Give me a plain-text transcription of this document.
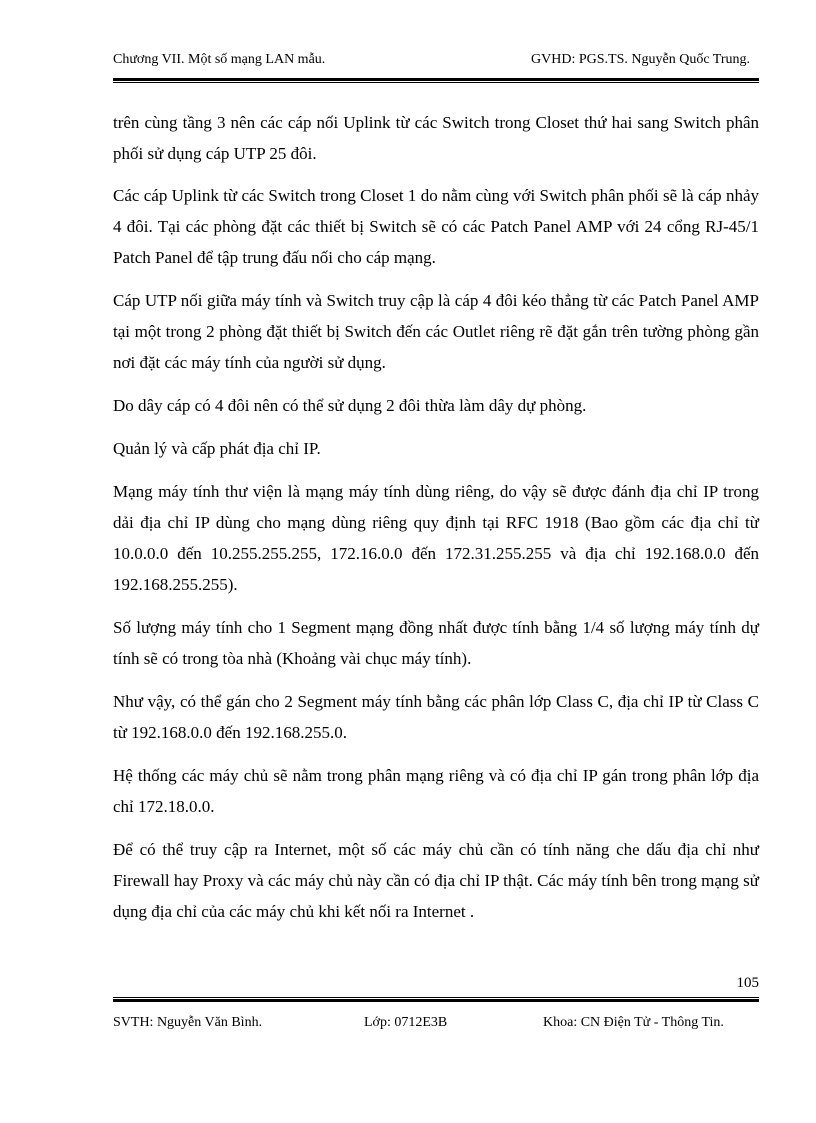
Chương VII. Một số mạng LAN mẫu.	GVHD: PGS.TS. Nguyễn Quốc Trung.

trên cùng tầng 3 nên các cáp nối Uplink từ các Switch trong Closet thứ hai sang Switch phân phối sử dụng cáp UTP 25 đôi.

Các cáp Uplink từ các Switch trong Closet 1 do nằm cùng với Switch phân phối sẽ là cáp nhảy 4 đôi. Tại các phòng đặt các thiết bị Switch sẽ có các Patch Panel AMP với 24 cổng RJ-45/1 Patch Panel để tập trung đấu nối cho cáp mạng.

Cáp UTP nối giữa máy tính và Switch truy cập là cáp 4 đôi kéo thẳng từ các Patch Panel AMP tại một trong 2 phòng đặt thiết bị Switch đến các Outlet riêng rẽ đặt gắn trên tường phòng gần nơi đặt các máy tính của người sử dụng.

Do dây cáp có 4 đôi nên có thể sử dụng 2 đôi thừa làm dây dự phòng.

Quản lý và cấp phát địa chỉ IP.

Mạng máy tính thư viện là mạng máy tính dùng riêng, do vậy sẽ được đánh địa chỉ IP trong dải địa chỉ IP dùng cho mạng dùng riêng quy định tại RFC 1918 (Bao gồm các địa chỉ từ 10.0.0.0 đến 10.255.255.255, 172.16.0.0 đến 172.31.255.255 và địa chỉ 192.168.0.0 đến 192.168.255.255).

Số lượng máy tính cho 1 Segment mạng đồng nhất được tính bằng 1/4 số lượng máy tính dự tính sẽ có trong tòa nhà (Khoảng vài chục máy tính).

Như vậy, có thể gán cho 2 Segment máy tính bằng các phân lớp Class C, địa chỉ IP từ Class C từ 192.168.0.0 đến 192.168.255.0.

Hệ thống các máy chủ sẽ nằm trong phân mạng riêng và có địa chỉ IP gán trong phân lớp địa chỉ 172.18.0.0.

Để có thể truy cập ra Internet, một số các máy chủ cần có tính năng che dấu địa chỉ như Firewall hay Proxy và các máy chủ này cần có địa chỉ IP thật. Các máy tính bên trong mạng sử dụng địa chỉ của các máy chủ khi kết nối ra Internet .

105
SVTH: Nguyễn Văn Bình.	Lớp: 0712E3B	Khoa: CN Điện Tử - Thông Tin.
